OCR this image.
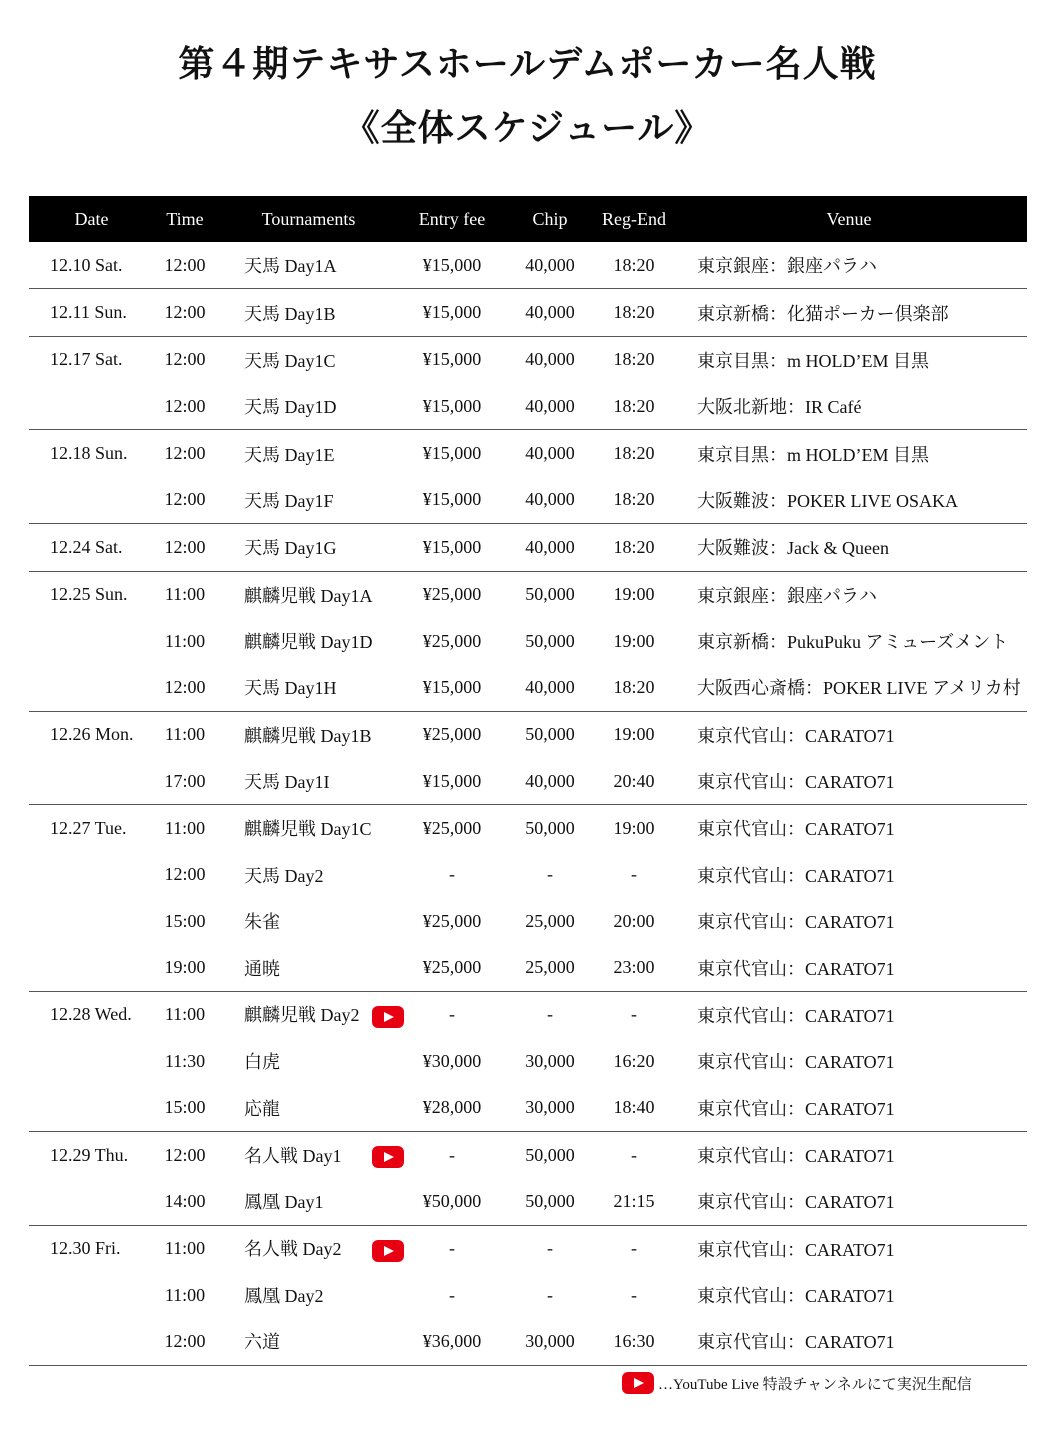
第４期テキサスホールデムポーカー名人戦
《全体スケジュール》
Date	Time	Tournaments	Entry fee	Chip	Reg-End	Venue
12.10 Sat.	12:00	天馬 Day1A	¥15,000	40,000	18:20	東京銀座：銀座パラハ
12.11 Sun.	12:00	天馬 Day1B	¥15,000	40,000	18:20	東京新橋：化猫ポーカー倶楽部
12.17 Sat.	12:00	天馬 Day1C	¥15,000	40,000	18:20	東京目黒：m HOLD’EM 目黒
	12:00	天馬 Day1D	¥15,000	40,000	18:20	大阪北新地：IR Café
12.18 Sun.	12:00	天馬 Day1E	¥15,000	40,000	18:20	東京目黒：m HOLD’EM 目黒
	12:00	天馬 Day1F	¥15,000	40,000	18:20	大阪難波：POKER LIVE OSAKA
12.24 Sat.	12:00	天馬 Day1G	¥15,000	40,000	18:20	大阪難波：Jack & Queen
12.25 Sun.	11:00	麒麟児戦 Day1A	¥25,000	50,000	19:00	東京銀座：銀座パラハ
	11:00	麒麟児戦 Day1D	¥25,000	50,000	19:00	東京新橋：PukuPuku アミューズメント
	12:00	天馬 Day1H	¥15,000	40,000	18:20	大阪西心斎橋：POKER LIVE アメリカ村
12.26 Mon.	11:00	麒麟児戦 Day1B	¥25,000	50,000	19:00	東京代官山：CARATO71
	17:00	天馬 Day1I	¥15,000	40,000	20:40	東京代官山：CARATO71
12.27 Tue.	11:00	麒麟児戦 Day1C	¥25,000	50,000	19:00	東京代官山：CARATO71
	12:00	天馬 Day2	-	-	-	東京代官山：CARATO71
	15:00	朱雀	¥25,000	25,000	20:00	東京代官山：CARATO71
	19:00	通暁	¥25,000	25,000	23:00	東京代官山：CARATO71
12.28 Wed.	11:00	麒麟児戦 Day2	-	-	-	東京代官山：CARATO71
	11:30	白虎	¥30,000	30,000	16:20	東京代官山：CARATO71
	15:00	応龍	¥28,000	30,000	18:40	東京代官山：CARATO71
12.29 Thu.	12:00	名人戦 Day1	-	50,000	-	東京代官山：CARATO71
	14:00	鳳凰 Day1	¥50,000	50,000	21:15	東京代官山：CARATO71
12.30 Fri.	11:00	名人戦 Day2	-	-	-	東京代官山：CARATO71
	11:00	鳳凰 Day2	-	-	-	東京代官山：CARATO71
	12:00	六道	¥36,000	30,000	16:30	東京代官山：CARATO71
…YouTube Live 特設チャンネルにて実況生配信
